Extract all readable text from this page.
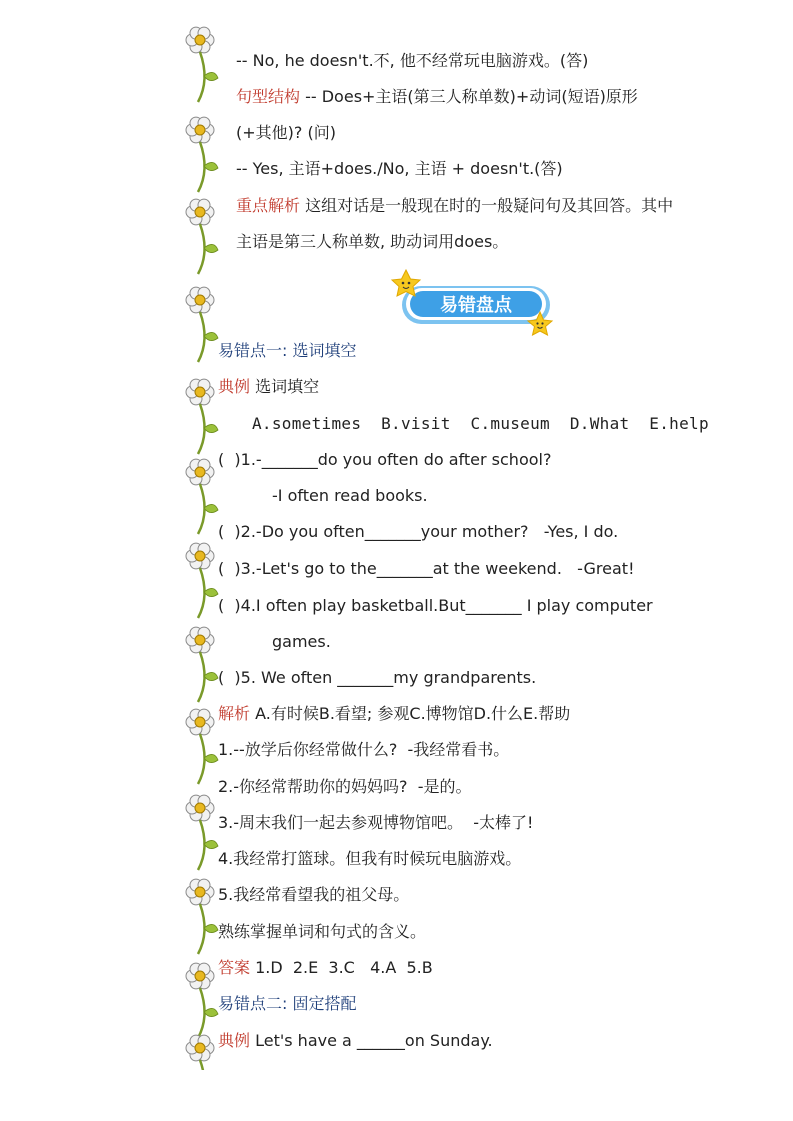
易错盘点
-- No, he doesn't.不, 他不经常玩电脑游戏。(答)
句型结构 -- Does+主语(第三人称单数)+动词(短语)原形
(+其他)? (问)
-- Yes, 主语+does./No, 主语 + doesn't.(答)
重点解析 这组对话是一般现在时的一般疑问句及其回答。其中
主语是第三人称单数, 助动词用does。
易错点一: 选词填空
典例 选词填空
A.sometimes  B.visit  C.museum  D.What  E.help
(  )1.-_______do you often do after school?
-I often read books.
(  )2.-Do you often_______your mother?   -Yes, I do.
(  )3.-Let's go to the_______at the weekend.   -Great!
(  )4.I often play basketball.But_______ I play computer
games.
(  )5. We often _______my grandparents.
解析 A.有时候B.看望; 参观C.博物馆D.什么E.帮助
1.--放学后你经常做什么?  -我经常看书。
2.-你经常帮助你的妈妈吗?  -是的。
3.-周末我们一起去参观博物馆吧。  -太棒了!
4.我经常打篮球。但我有时候玩电脑游戏。
5.我经常看望我的祖父母。
熟练掌握单词和句式的含义。
答案 1.D  2.E  3.C   4.A  5.B
易错点二: 固定搭配
典例 Let's have a ______on Sunday.
